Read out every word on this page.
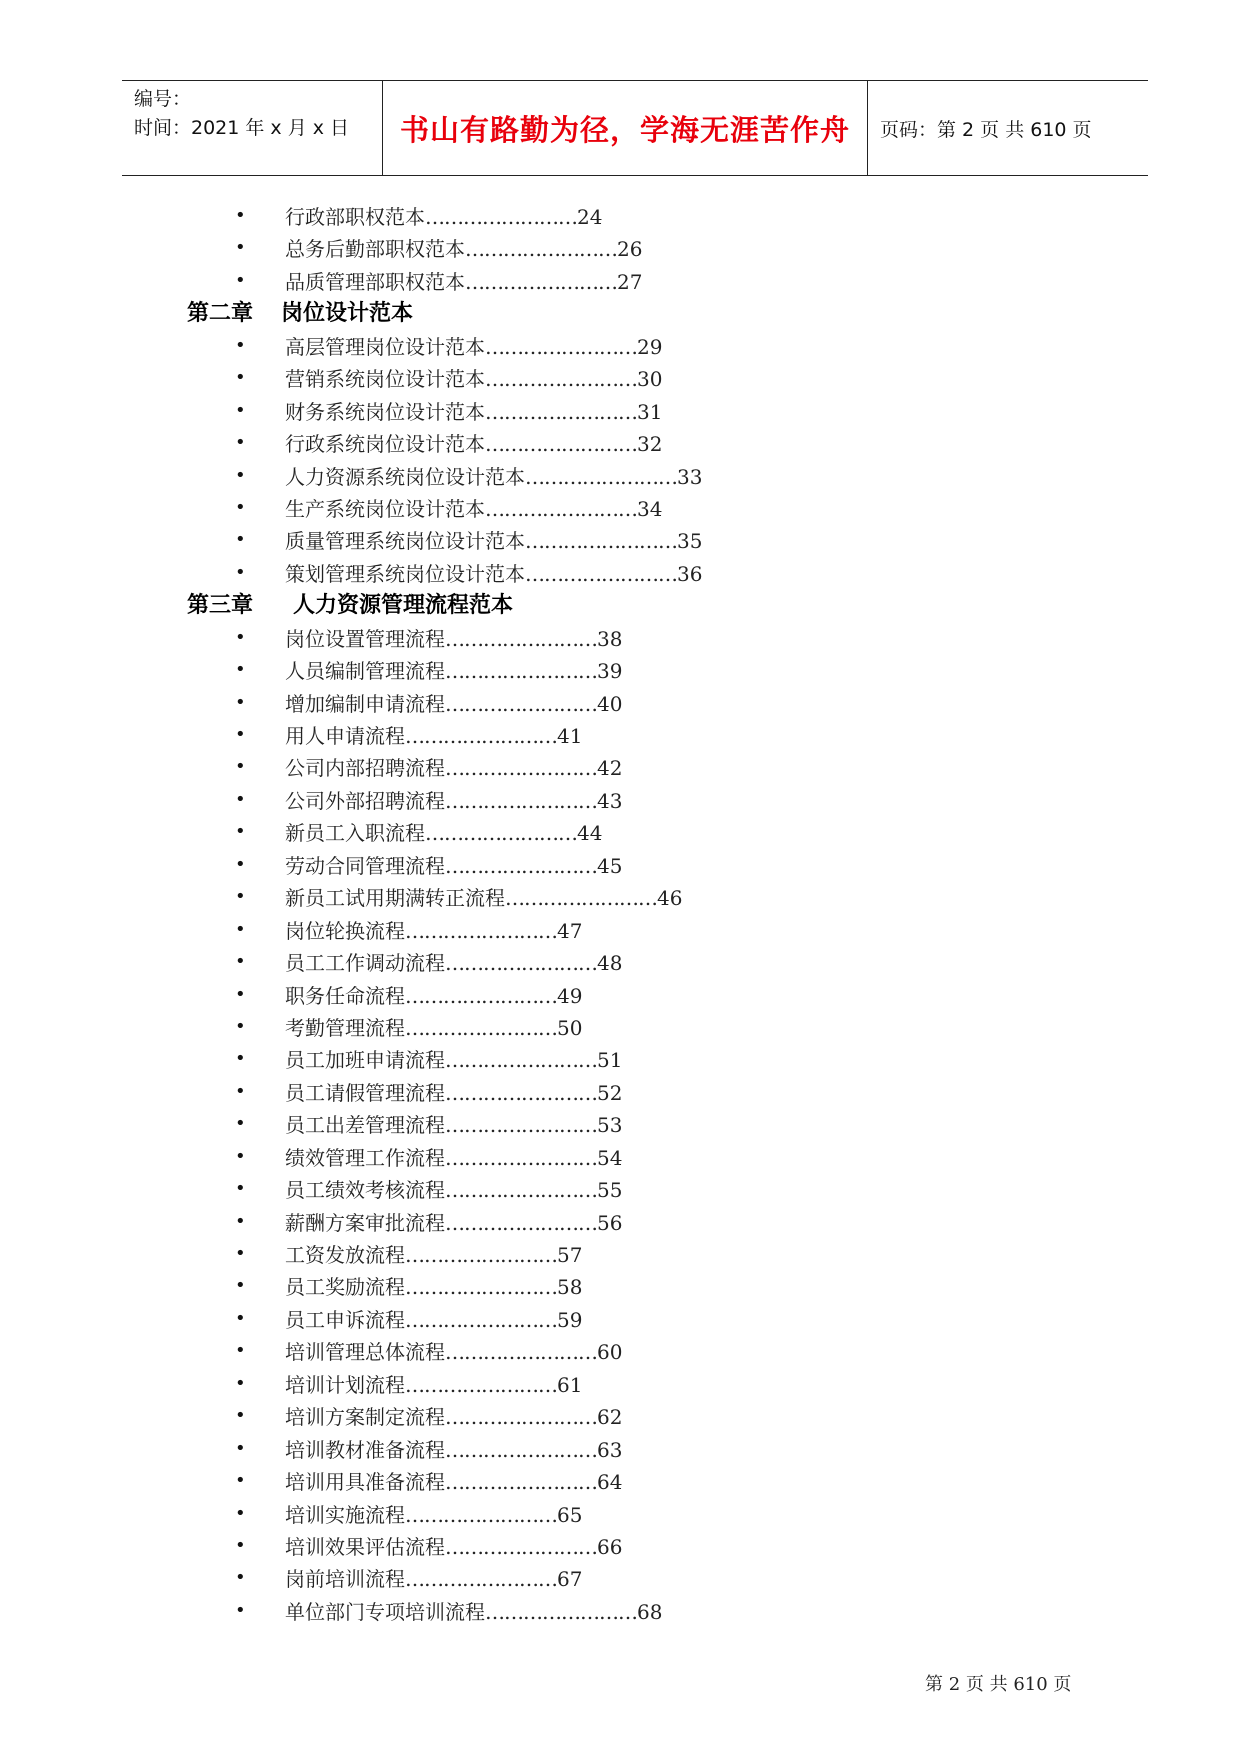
编号：
时间：2021 年 x 月 x 日	书山有路勤为径，学海无涯苦作舟	页码：第 2 页 共 610 页
• 行政部职权范本……………………24
• 总务后勤部职权范本……………………26
• 品质管理部职权范本……………………27
第二章 岗位设计范本
• 高层管理岗位设计范本……………………29
• 营销系统岗位设计范本……………………30
• 财务系统岗位设计范本……………………31
• 行政系统岗位设计范本……………………32
• 人力资源系统岗位设计范本……………………33
• 生产系统岗位设计范本……………………34
• 质量管理系统岗位设计范本……………………35
• 策划管理系统岗位设计范本……………………36
第三章 人力资源管理流程范本
• 岗位设置管理流程……………………38
• 人员编制管理流程……………………39
• 增加编制申请流程……………………40
• 用人申请流程……………………41
• 公司内部招聘流程……………………42
• 公司外部招聘流程……………………43
• 新员工入职流程……………………44
• 劳动合同管理流程……………………45
• 新员工试用期满转正流程……………………46
• 岗位轮换流程……………………47
• 员工工作调动流程……………………48
• 职务任命流程……………………49
• 考勤管理流程……………………50
• 员工加班申请流程……………………51
• 员工请假管理流程……………………52
• 员工出差管理流程……………………53
• 绩效管理工作流程……………………54
• 员工绩效考核流程……………………55
• 薪酬方案审批流程……………………56
• 工资发放流程……………………57
• 员工奖励流程……………………58
• 员工申诉流程……………………59
• 培训管理总体流程……………………60
• 培训计划流程……………………61
• 培训方案制定流程……………………62
• 培训教材准备流程……………………63
• 培训用具准备流程……………………64
• 培训实施流程……………………65
• 培训效果评估流程……………………66
• 岗前培训流程……………………67
• 单位部门专项培训流程……………………68
第 2 页 共 610 页
